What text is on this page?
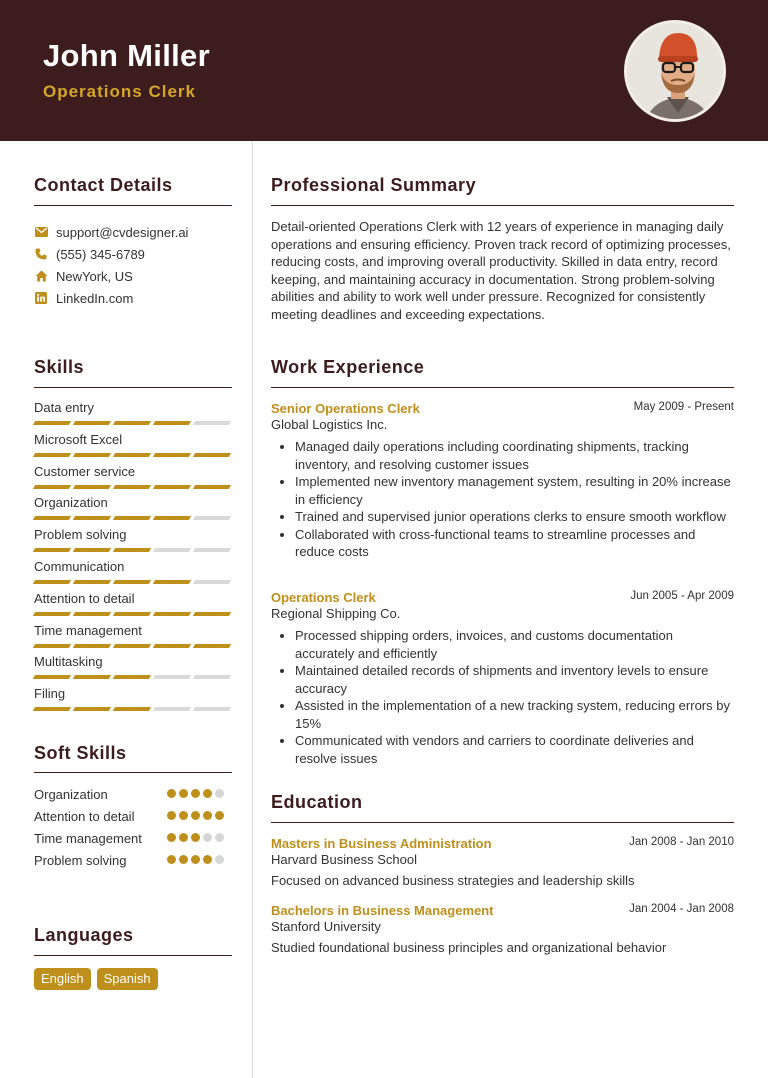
John Miller
Operations Clerk
Contact Details
support@cvdesigner.ai
(555) 345-6789
NewYork, US
LinkedIn.com
Skills
Data entry
Microsoft Excel
Customer service
Organization
Problem solving
Communication
Attention to detail
Time management
Multitasking
Filing
Soft Skills
Organization
Attention to detail
Time management
Problem solving
Languages
English	Spanish
Professional Summary

Detail-oriented Operations Clerk with 12 years of experience in managing daily operations and ensuring efficiency. Proven track record of optimizing processes, reducing costs, and improving overall productivity. Skilled in data entry, record keeping, and maintaining accuracy in documentation. Strong problem-solving abilities and ability to work well under pressure. Recognized for consistently meeting deadlines and exceeding expectations.

Work Experience
Senior Operations Clerk	May 2009 - Present
Global Logistics Inc.
• Managed daily operations including coordinating shipments, tracking inventory, and resolving customer issues
• Implemented new inventory management system, resulting in 20% increase in efficiency
• Trained and supervised junior operations clerks to ensure smooth workflow
• Collaborated with cross-functional teams to streamline processes and reduce costs
Operations Clerk	Jun 2005 - Apr 2009
Regional Shipping Co.
• Processed shipping orders, invoices, and customs documentation accurately and efficiently
• Maintained detailed records of shipments and inventory levels to ensure accuracy
• Assisted in the implementation of a new tracking system, reducing errors by 15%
• Communicated with vendors and carriers to coordinate deliveries and resolve issues
Education
Masters in Business Administration	Jan 2008 - Jan 2010
Harvard Business School
Focused on advanced business strategies and leadership skills
Bachelors in Business Management	Jan 2004 - Jan 2008
Stanford University
Studied foundational business principles and organizational behavior
